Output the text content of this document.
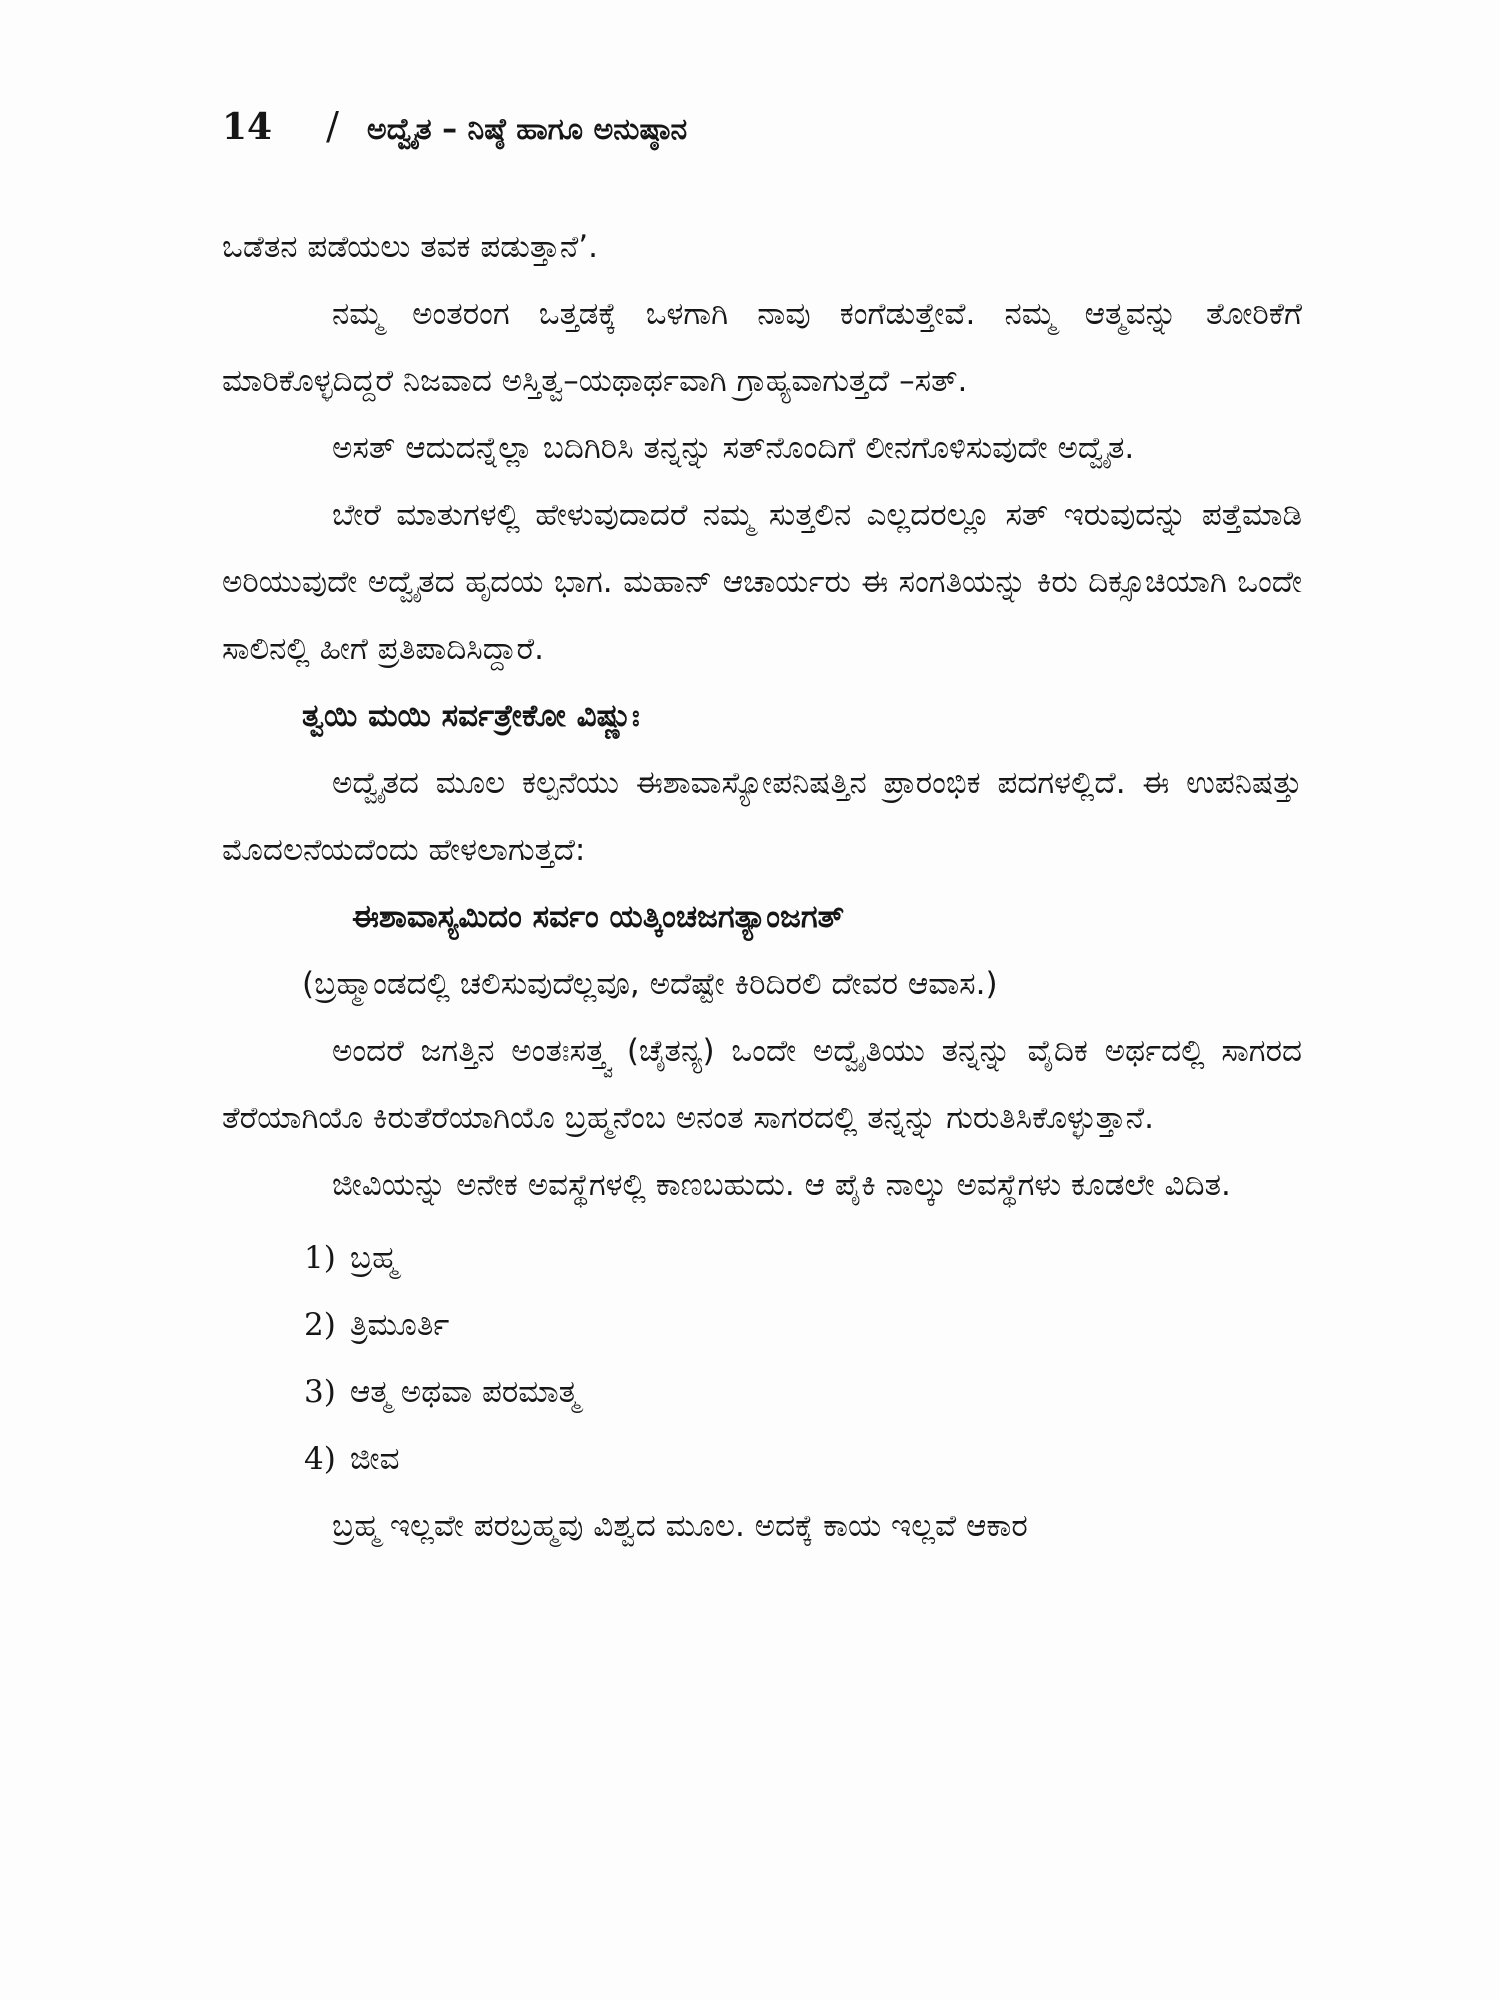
14 / ಅದ್ವೈತ – ನಿಷ್ಠೆ ಹಾಗೂ ಅನುಷ್ಠಾನ

ಒಡೆತನ ಪಡೆಯಲು ತವಕ ಪಡುತ್ತಾನೆ’.

ನಮ್ಮ ಅಂತರಂಗ ಒತ್ತಡಕ್ಕೆ ಒಳಗಾಗಿ ನಾವು ಕಂಗೆಡುತ್ತೇವೆ. ನಮ್ಮ ಆತ್ಮವನ್ನು ತೋರಿಕೆಗೆ ಮಾರಿಕೊಳ್ಳದಿದ್ದರೆ ನಿಜವಾದ ಅಸ್ತಿತ್ವ–ಯಥಾರ್ಥವಾಗಿ ಗ್ರಾಹ್ಯವಾಗುತ್ತದೆ –ಸತ್.

ಅಸತ್ ಆದುದನ್ನೆಲ್ಲಾ ಬದಿಗಿರಿಸಿ ತನ್ನನ್ನು ಸತ್‌ನೊಂದಿಗೆ ಲೀನಗೊಳಿಸುವುದೇ ಅದ್ವೈತ.

ಬೇರೆ ಮಾತುಗಳಲ್ಲಿ ಹೇಳುವುದಾದರೆ ನಮ್ಮ ಸುತ್ತಲಿನ ಎಲ್ಲದರಲ್ಲೂ ಸತ್ ಇರುವುದನ್ನು ಪತ್ತೆಮಾಡಿ ಅರಿಯುವುದೇ ಅದ್ವೈತದ ಹೃದಯ ಭಾಗ. ಮಹಾನ್ ಆಚಾರ್ಯರು ಈ ಸಂಗತಿಯನ್ನು ಕಿರು ದಿಕ್ಸೂಚಿಯಾಗಿ ಒಂದೇ ಸಾಲಿನಲ್ಲಿ ಹೀಗೆ ಪ್ರತಿಪಾದಿಸಿದ್ದಾರೆ.

ತ್ವಯಿ ಮಯಿ ಸರ್ವತ್ರೇಕೋ ವಿಷ್ಣುಃ

ಅದ್ವೈತದ ಮೂಲ ಕಲ್ಪನೆಯು ಈಶಾವಾಸ್ಯೋಪನಿಷತ್ತಿನ ಪ್ರಾರಂಭಿಕ ಪದಗಳಲ್ಲಿದೆ. ಈ ಉಪನಿಷತ್ತು ಮೊದಲನೆಯದೆಂದು ಹೇಳಲಾಗುತ್ತದೆ:

ಈಶಾವಾಸ್ಯಮಿದಂ ಸರ್ವಂ ಯತ್ಕಿಂಚಜಗತ್ಯಾಂಜಗತ್

(ಬ್ರಹ್ಮಾಂಡದಲ್ಲಿ ಚಲಿಸುವುದೆಲ್ಲವೂ, ಅದೆಷ್ಟೇ ಕಿರಿದಿರಲಿ ದೇವರ ಆವಾಸ.)

ಅಂದರೆ ಜಗತ್ತಿನ ಅಂತಃಸತ್ತ್ವ (ಚೈತನ್ಯ) ಒಂದೇ ಅದ್ವೈತಿಯು ತನ್ನನ್ನು ವೈದಿಕ ಅರ್ಥದಲ್ಲಿ ಸಾಗರದ ತೆರೆಯಾಗಿಯೊ ಕಿರುತೆರೆಯಾಗಿಯೊ ಬ್ರಹ್ಮನೆಂಬ ಅನಂತ ಸಾಗರದಲ್ಲಿ ತನ್ನನ್ನು ಗುರುತಿಸಿಕೊಳ್ಳುತ್ತಾನೆ.

ಜೀವಿಯನ್ನು ಅನೇಕ ಅವಸ್ಥೆಗಳಲ್ಲಿ ಕಾಣಬಹುದು. ಆ ಪೈಕಿ ನಾಲ್ಕು ಅವಸ್ಥೆಗಳು ಕೂಡಲೇ ವಿದಿತ.

1) ಬ್ರಹ್ಮ
2) ತ್ರಿಮೂರ್ತಿ
3) ಆತ್ಮ ಅಥವಾ ಪರಮಾತ್ಮ
4) ಜೀವ

ಬ್ರಹ್ಮ ಇಲ್ಲವೇ ಪರಬ್ರಹ್ಮವು ವಿಶ್ವದ ಮೂಲ. ಅದಕ್ಕೆ ಕಾಯ ಇಲ್ಲವೆ ಆಕಾರ
